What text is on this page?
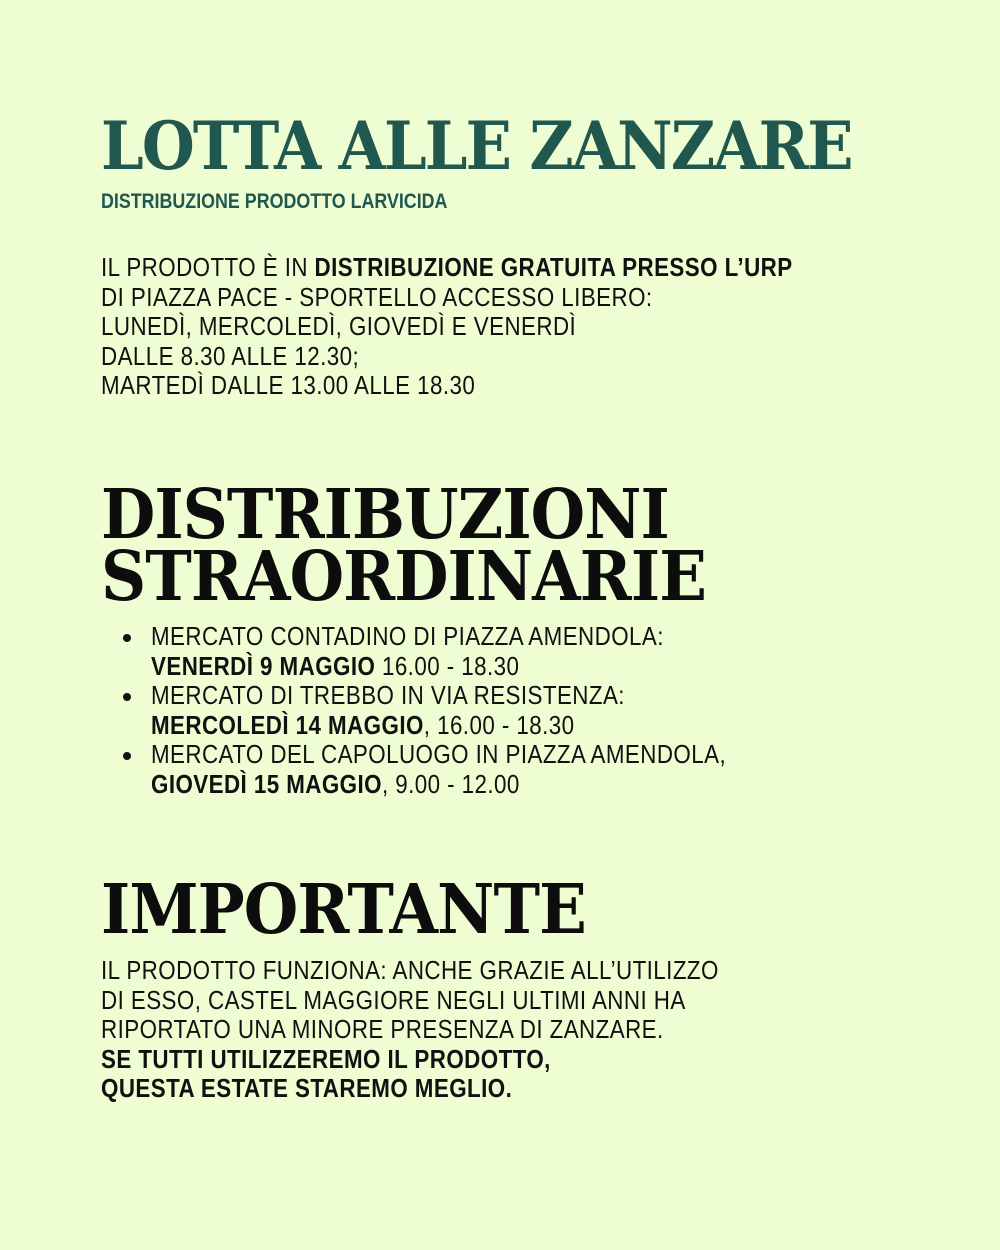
LOTTA ALLE ZANZARE
DISTRIBUZIONE PRODOTTO LARVICIDA
IL PRODOTTO È IN DISTRIBUZIONE GRATUITA PRESSO L’URP
DI PIAZZA PACE - SPORTELLO ACCESSO LIBERO:
LUNEDÌ, MERCOLEDÌ, GIOVEDÌ E VENERDÌ
DALLE 8.30 ALLE 12.30;
MARTEDÌ DALLE 13.00 ALLE 18.30
DISTRIBUZIONI
STRAORDINARIE
MERCATO CONTADINO DI PIAZZA AMENDOLA:
VENERDÌ 9 MAGGIO 16.00 - 18.30
MERCATO DI TREBBO IN VIA RESISTENZA:
MERCOLEDÌ 14 MAGGIO, 16.00 - 18.30
MERCATO DEL CAPOLUOGO IN PIAZZA AMENDOLA,
GIOVEDÌ 15 MAGGIO, 9.00 - 12.00
IMPORTANTE
IL PRODOTTO FUNZIONA: ANCHE GRAZIE ALL’UTILIZZO
DI ESSO, CASTEL MAGGIORE NEGLI ULTIMI ANNI HA
RIPORTATO UNA MINORE PRESENZA DI ZANZARE.
SE TUTTI UTILIZZEREMO IL PRODOTTO,
QUESTA ESTATE STAREMO MEGLIO.
